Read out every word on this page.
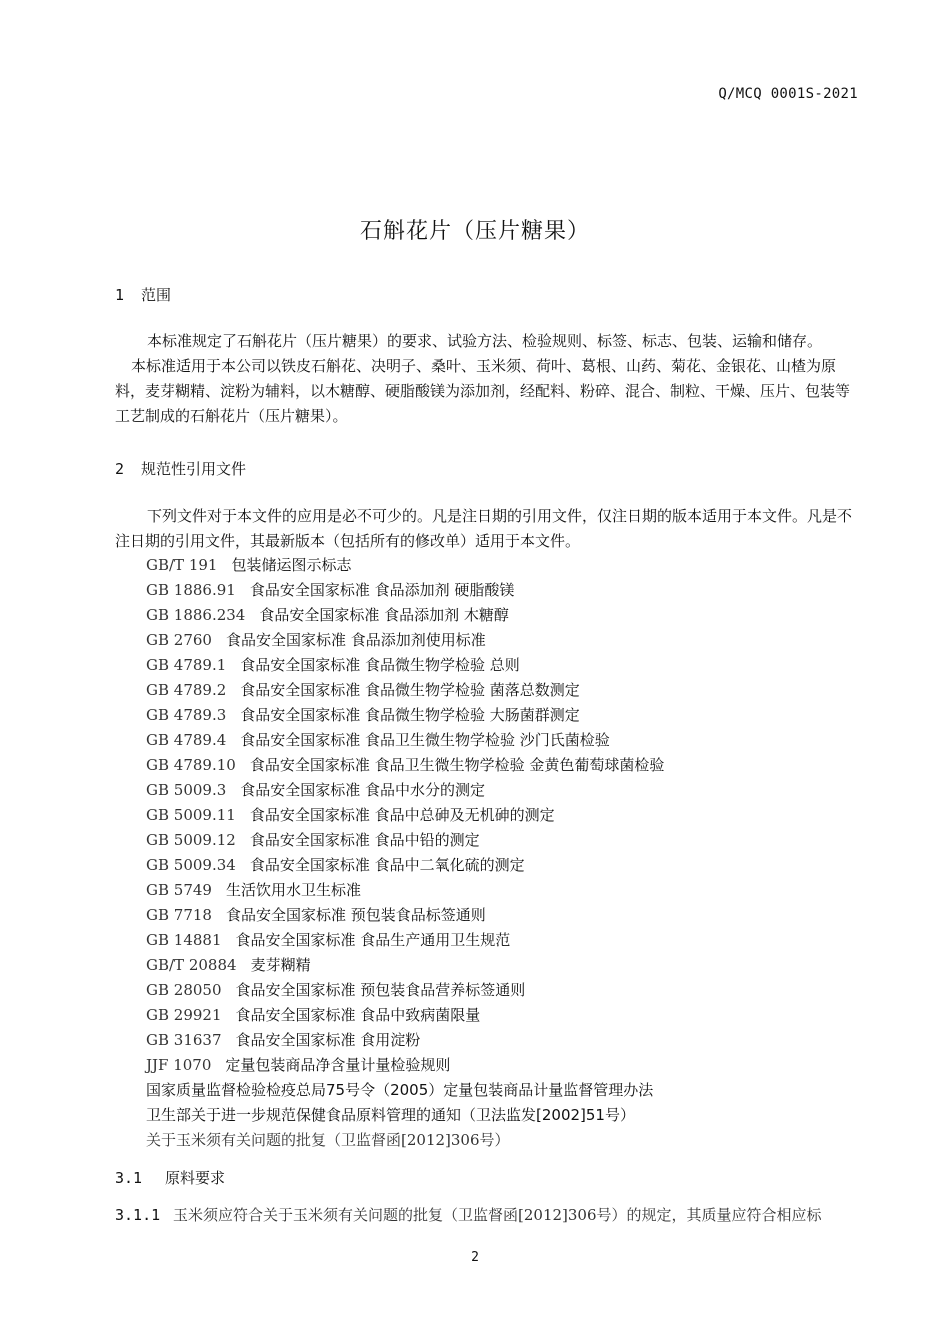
Q/MCQ 0001S-2021
石斛花片（压片糖果）
1 范围
本标准规定了石斛花片（压片糖果）的要求、试验方法、检验规则、标签、标志、包装、运输和储存。
本标准适用于本公司以铁皮石斛花、决明子、桑叶、玉米须、荷叶、葛根、山药、菊花、金银花、山楂为原料，麦芽糊精、淀粉为辅料，以木糖醇、硬脂酸镁为添加剂，经配料、粉碎、混合、制粒、干燥、压片、包装等工艺制成的石斛花片（压片糖果）。
2 规范性引用文件
下列文件对于本文件的应用是必不可少的。凡是注日期的引用文件，仅注日期的版本适用于本文件。凡是不注日期的引用文件，其最新版本（包括所有的修改单）适用于本文件。
GB/T 191 包装储运图示标志
GB 1886.91 食品安全国家标准 食品添加剂 硬脂酸镁
GB 1886.234 食品安全国家标准 食品添加剂 木糖醇
GB 2760 食品安全国家标准 食品添加剂使用标准
GB 4789.1 食品安全国家标准 食品微生物学检验 总则
GB 4789.2 食品安全国家标准 食品微生物学检验 菌落总数测定
GB 4789.3 食品安全国家标准 食品微生物学检验 大肠菌群测定
GB 4789.4 食品安全国家标准 食品卫生微生物学检验 沙门氏菌检验
GB 4789.10 食品安全国家标准 食品卫生微生物学检验 金黄色葡萄球菌检验
GB 5009.3 食品安全国家标准 食品中水分的测定
GB 5009.11 食品安全国家标准 食品中总砷及无机砷的测定
GB 5009.12 食品安全国家标准 食品中铅的测定
GB 5009.34 食品安全国家标准 食品中二氧化硫的测定
GB 5749 生活饮用水卫生标准
GB 7718 食品安全国家标准 预包装食品标签通则
GB 14881 食品安全国家标准 食品生产通用卫生规范
GB/T 20884 麦芽糊精
GB 28050 食品安全国家标准 预包装食品营养标签通则
GB 29921 食品安全国家标准 食品中致病菌限量
GB 31637 食品安全国家标准 食用淀粉
JJF 1070 定量包装商品净含量计量检验规则
国家质量监督检验检疫总局75号令（2005）定量包装商品计量监督管理办法
卫生部关于进一步规范保健食品原料管理的通知（卫法监发[2002]51号）
关于玉米须有关问题的批复（卫监督函[2012]306号）
3.1 原料要求
3.1.1 玉米须应符合关于玉米须有关问题的批复（卫监督函[2012]306号）的规定，其质量应符合相应标
2
